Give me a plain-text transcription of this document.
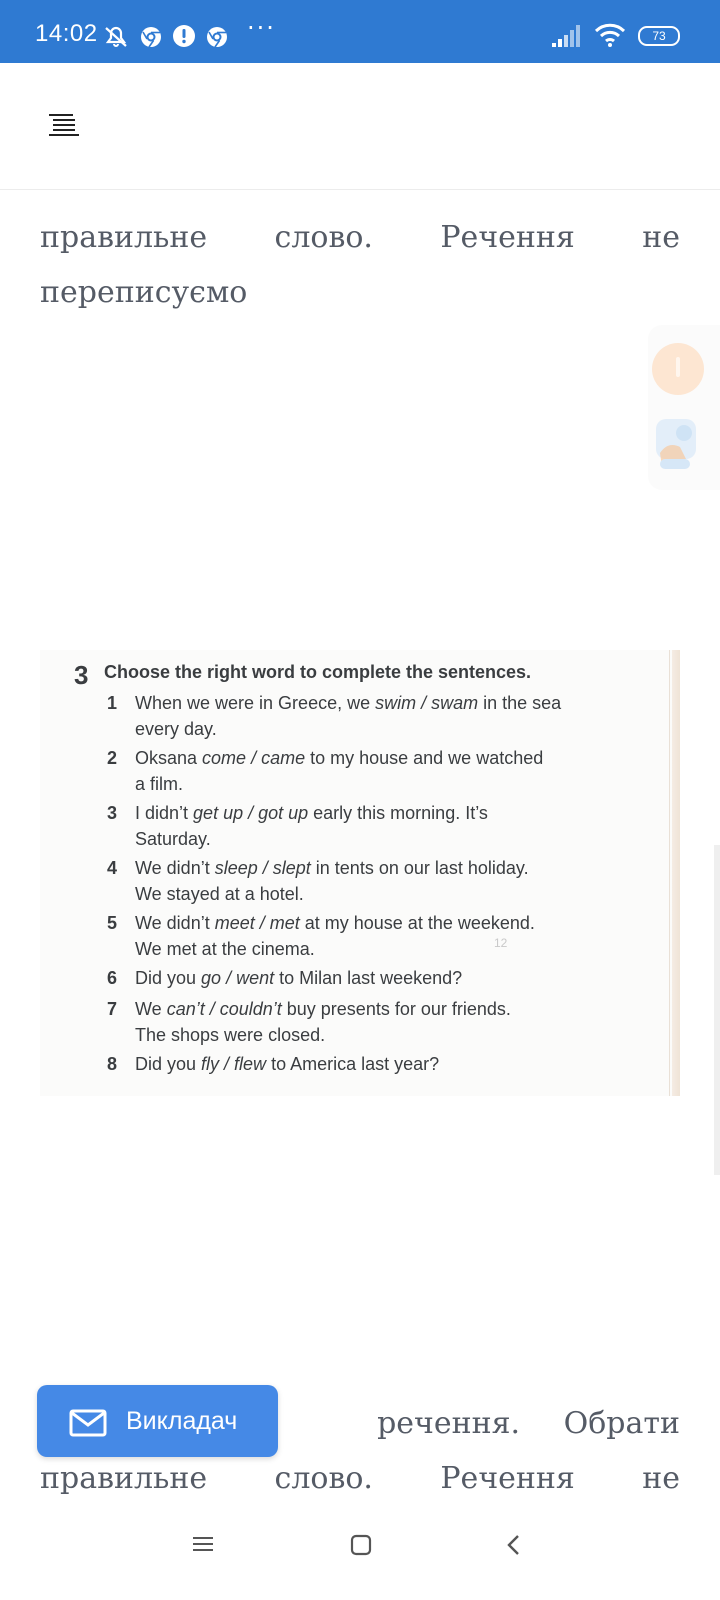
14:02	···	73
правильне слово. Речення не
переписуємо
3 Choose the right word to complete the sentences.
12
1 When we were in Greece, we swim / swam in the sea
every day.
2 Oksana come / came to my house and we watched
a film.
3 I didn’t get up / got up early this morning. It’s
Saturday.
4 We didn’t sleep / slept in tents on our last holiday.
We stayed at a hotel.
5 We didn’t meet / met at my house at the weekend.
We met at the cinema.
6 Did you go / went to Milan last weekend?
7 We can’t / couldn’t buy presents for our friends.
The shops were closed.
8 Did you fly / flew to America last year?
речення. Обрати
правильне слово. Речення не
Викладач
